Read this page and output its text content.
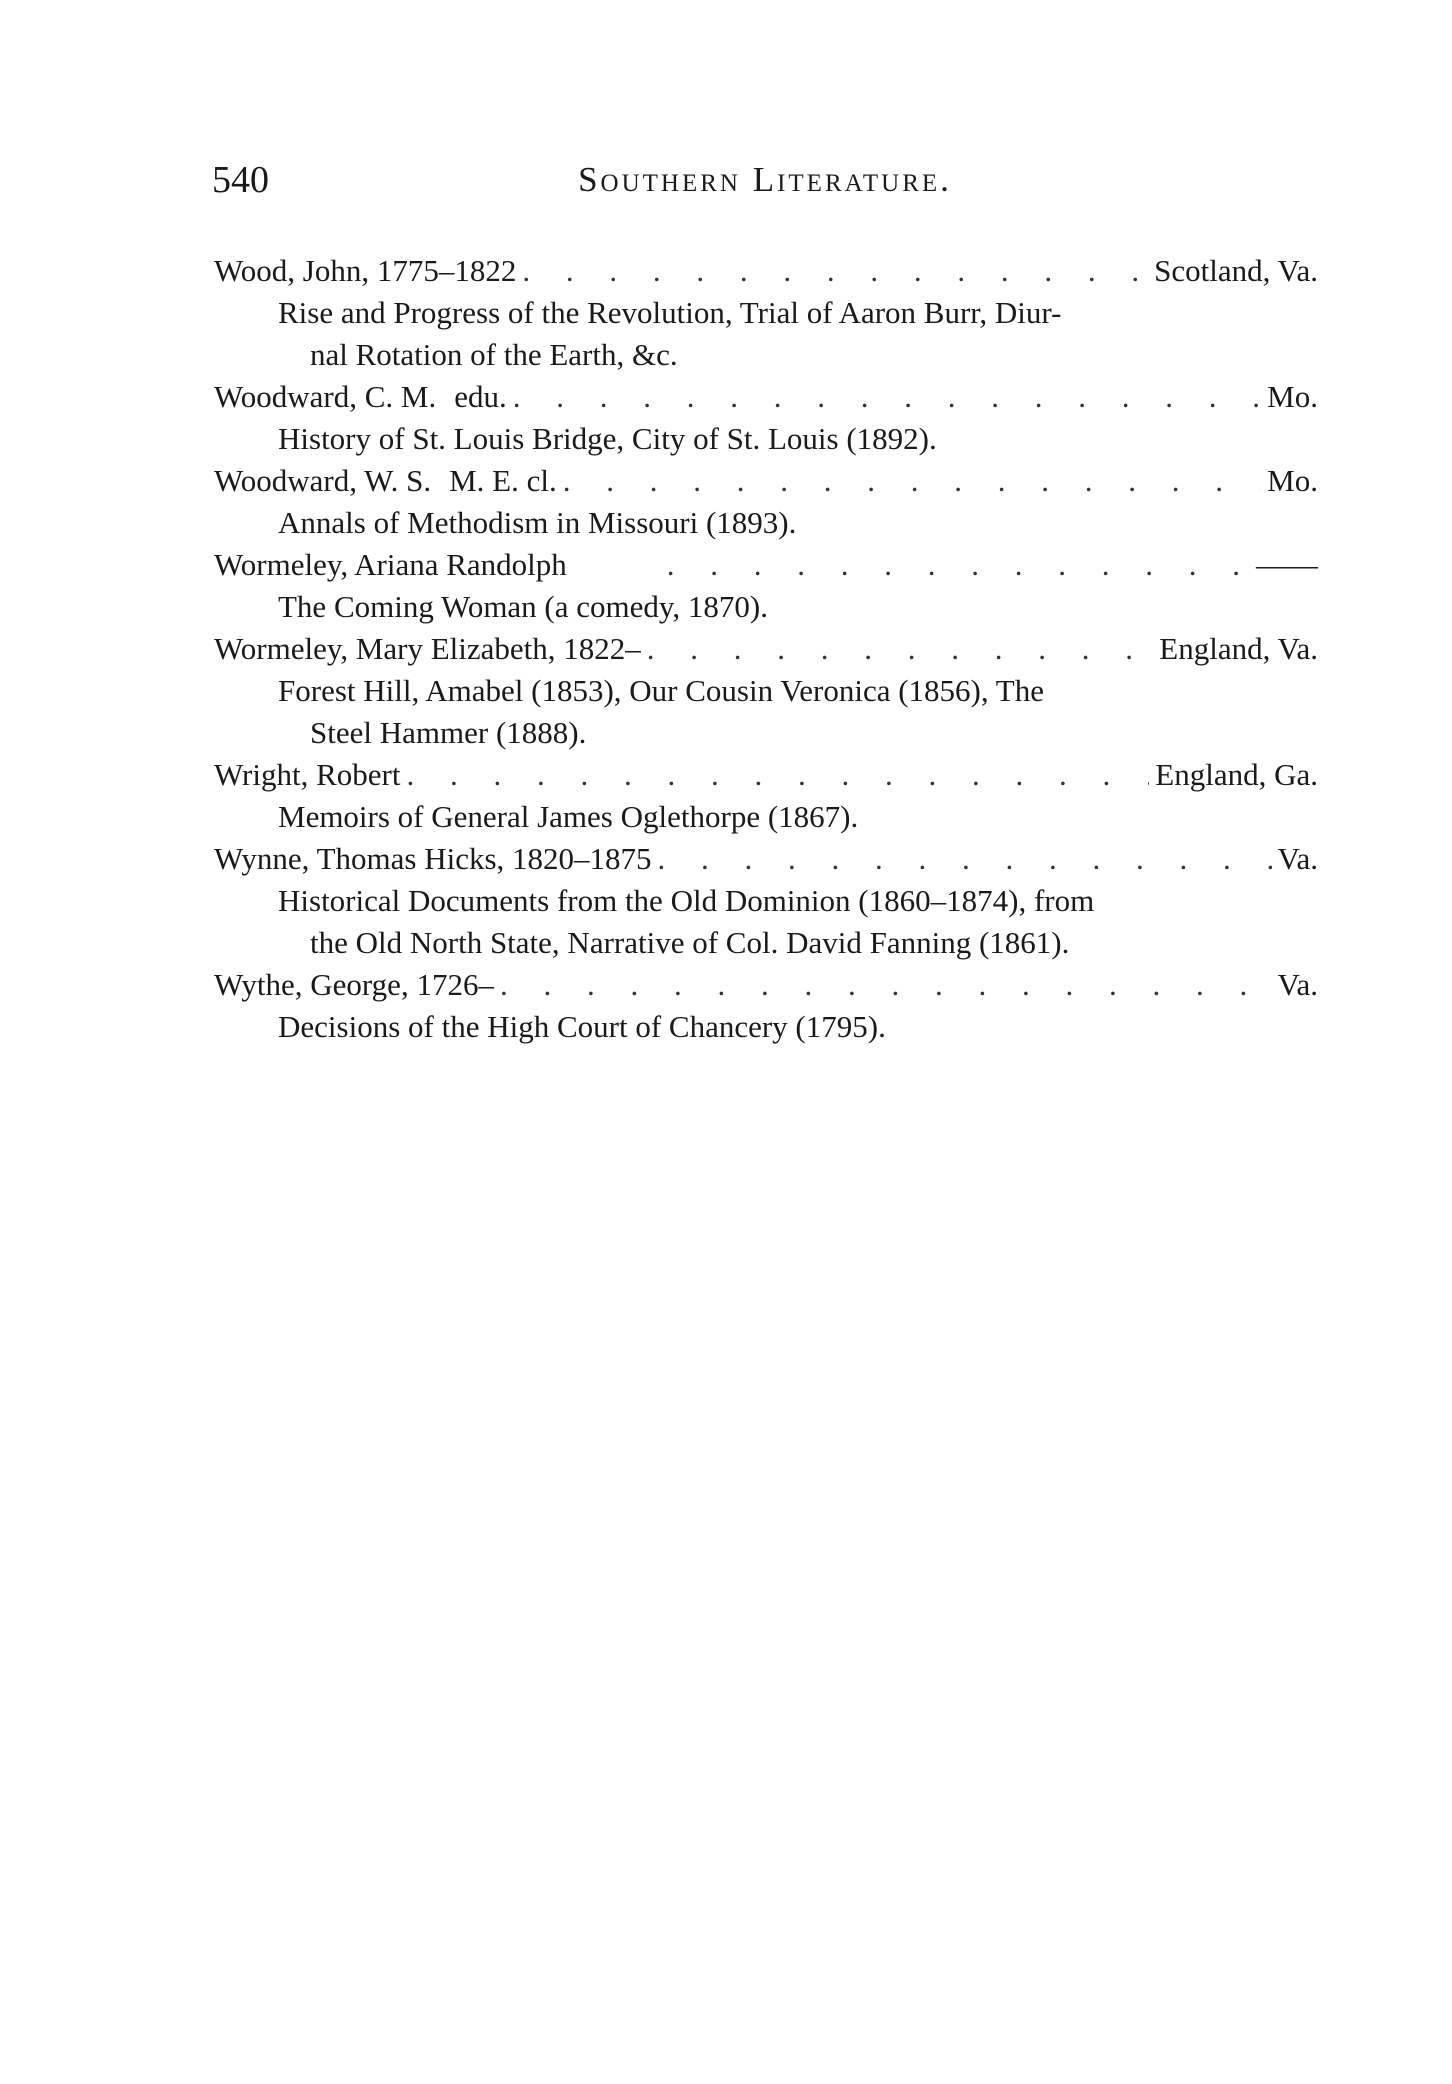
540	Southern Literature.
Wood, John, 1775–1822 . . .	Scotland, Va.
Rise and Progress of the Revolution, Trial of Aaron Burr, Diur-
nal Rotation of the Earth, &c.
Woodward, C. M. edu. . . .	Mo.
History of St. Louis Bridge, City of St. Louis (1892).
Woodward, W. S. M. E. cl. . . .	Mo.
Annals of Methodism in Missouri (1893).
Wormeley, Ariana Randolph . . .	——
The Coming Woman (a comedy, 1870).
Wormeley, Mary Elizabeth, 1822– . . .	England, Va.
Forest Hill, Amabel (1853), Our Cousin Veronica (1856), The
Steel Hammer (1888).
Wright, Robert . . .	England, Ga.
Memoirs of General James Oglethorpe (1867).
Wynne, Thomas Hicks, 1820–1875 . . .	Va.
Historical Documents from the Old Dominion (1860–1874), from
the Old North State, Narrative of Col. David Fanning (1861).
Wythe, George, 1726– . . .	Va.
Decisions of the High Court of Chancery (1795).
